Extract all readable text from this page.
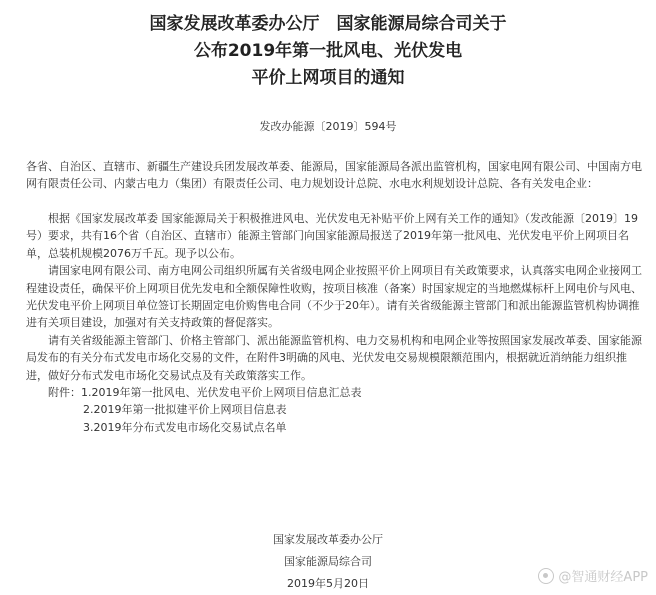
国家发展改革委办公厅　国家能源局综合司关于
公布2019年第一批风电、光伏发电
平价上网项目的通知
发改办能源〔2019〕594号

各省、自治区、直辖市、新疆生产建设兵团发展改革委、能源局，国家能源局各派出监管机构，国家电网有限公司、中国南方电网有限责任公司、内蒙古电力（集团）有限责任公司、电力规划设计总院、水电水利规划设计总院、各有关发电企业：

根据《国家发展改革委 国家能源局关于积极推进风电、光伏发电无补贴平价上网有关工作的通知》（发改能源〔2019〕19号）要求，共有16个省（自治区、直辖市）能源主管部门向国家能源局报送了2019年第一批风电、光伏发电平价上网项目名单，总装机规模2076万千瓦。现予以公布。

请国家电网有限公司、南方电网公司组织所属有关省级电网企业按照平价上网项目有关政策要求，认真落实电网企业接网工程建设责任，确保平价上网项目优先发电和全额保障性收购，按项目核准（备案）时国家规定的当地燃煤标杆上网电价与风电、光伏发电平价上网项目单位签订长期固定电价购售电合同（不少于20年）。请有关省级能源主管部门和派出能源监管机构协调推进有关项目建设，加强对有关支持政策的督促落实。

请有关省级能源主管部门、价格主管部门、派出能源监管机构、电力交易机构和电网企业等按照国家发展改革委、国家能源局发布的有关分布式发电市场化交易的文件，在附件3明确的风电、光伏发电交易规模限额范围内，根据就近消纳能力组织推进，做好分布式发电市场化交易试点及有关政策落实工作。

附件：1.2019年第一批风电、光伏发电平价上网项目信息汇总表
2.2019年第一批拟建平价上网项目信息表
3.2019年分布式发电市场化交易试点名单
国家发展改革委办公厅
国家能源局综合司
2019年5月20日	@智通财经APP
